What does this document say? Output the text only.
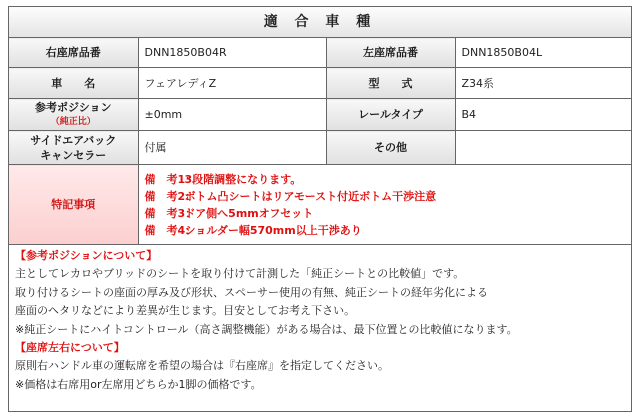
適 合 車 種			
右座席品番	DNN1850B04R	左座席品番	DNN1850B04L
車　　名	フェアレディZ	型　　式	Z34系

参考ポジション
（純正比）	±0mm	レールタイプ	B4

サイドエアバック
キャンセラー	付属	その他	
特記事項	備　考1：3段階調整になります。
備　考2：ボトム凸シートはリアモースト付近ボトム干渉注意
備　考3：ドア側へ5mmオフセット
備　考4：ショルダー幅570mm以上干渉あり		
【参考ポジションについて】
主としてレカロやブリッドのシートを取り付けて計測した「純正シートとの比較値」です。
取り付けるシートの座面の厚み及び形状、スペーサー使用の有無、純正シートの経年劣化による
座面のヘタリなどにより差異が生じます。目安としてお考え下さい。
※純正シートにハイトコントロール（高さ調整機能）がある場合は、最下位置との比較値になります。
【座席左右について】
原則右ハンドル車の運転席を希望の場合は『右座席』を指定してください。
※価格は右席用or左席用どちらか1脚の価格です。
